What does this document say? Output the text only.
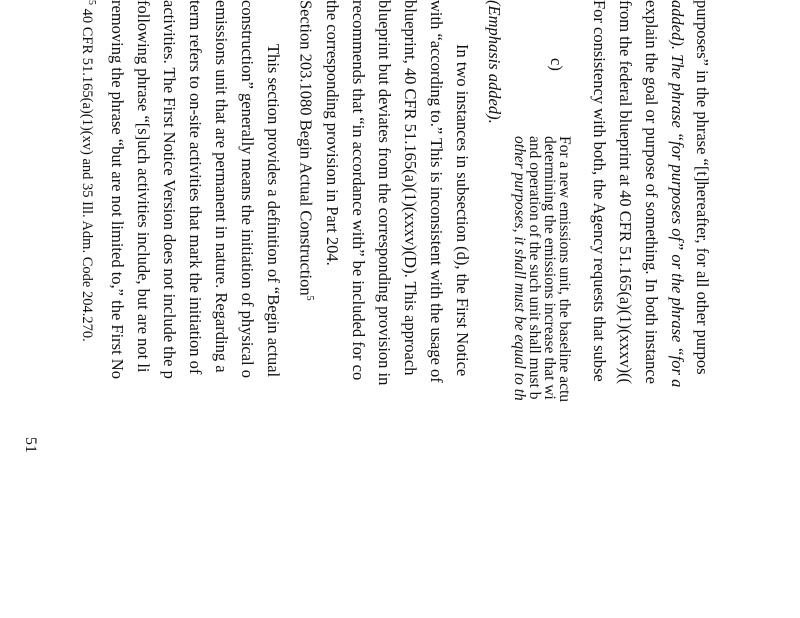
purposes” in the phrase “[t]hereafter, for all other purpos
added). The phrase “for purposes of” or the phrase “for a
explain the goal or purpose of something. In both instance
from the federal blueprint at 40 CFR 51.165(a)(1)(xxxv)((
For consistency with both, the Agency requests that subse
c)
For a new emissions unit, the baseline actu
determining the emissions increase that wi
and operation of the such unit shall must b
other purposes, it shall must be equal to th
(Emphasis added).
In two instances in subsection (d), the First Notice
with “according to.” This is inconsistent with the usage of
blueprint, 40 CFR 51.165(a)(1)(xxxv)(D). This approach
blueprint but deviates from the corresponding provision in
recommends that “in accordance with” be included for co
the corresponding provision in Part 204.
Section 203.1080 Begin Actual Construction$^5$
This section provides a definition of “Begin actual
construction” generally means the initiation of physical o
emissions unit that are permanent in nature. Regarding a
term refers to on-site activities that mark the initiation of
activities. The First Notice Version does not include the p
following phrase “[s]uch activities include, but are not li
removing the phrase “but are not limited to,” the First No
$^5$ 40 CFR 51.165(a)(1)(xv) and 35 Ill. Adm. Code 204.270.
51
